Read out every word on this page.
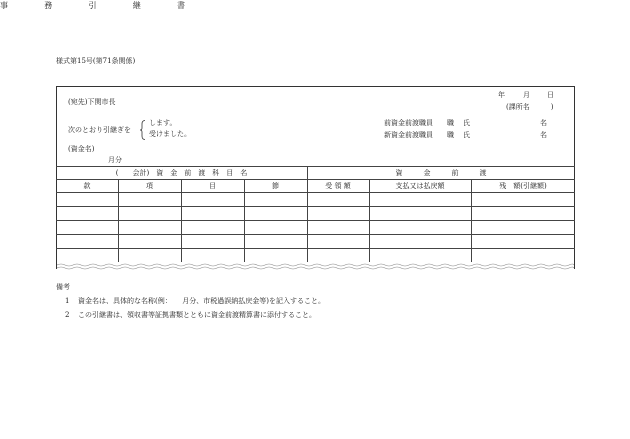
様式第15号(第71条関係)
事	務	引	継	書
年	月 日
(宛先)下関市長
(課所名　　　)
次のとおり引継ぎを
します。
受けました。
前資金前渡職員 職 氏	名
新資金前渡職員 職 氏	名
(資金名)
月分
(　　会計)　資　金　前　渡　科　目　名	資　　　金　　　前　　　渡
款	項	目	節	受 領 額	支払又は払戻額	残　額(引継額)
備考
1 資金名は、具体的な名称(例：　　月分、市税過誤納払戻金等)を記入すること。
2 この引継書は、領収書等証拠書類とともに資金前渡精算書に添付すること。
